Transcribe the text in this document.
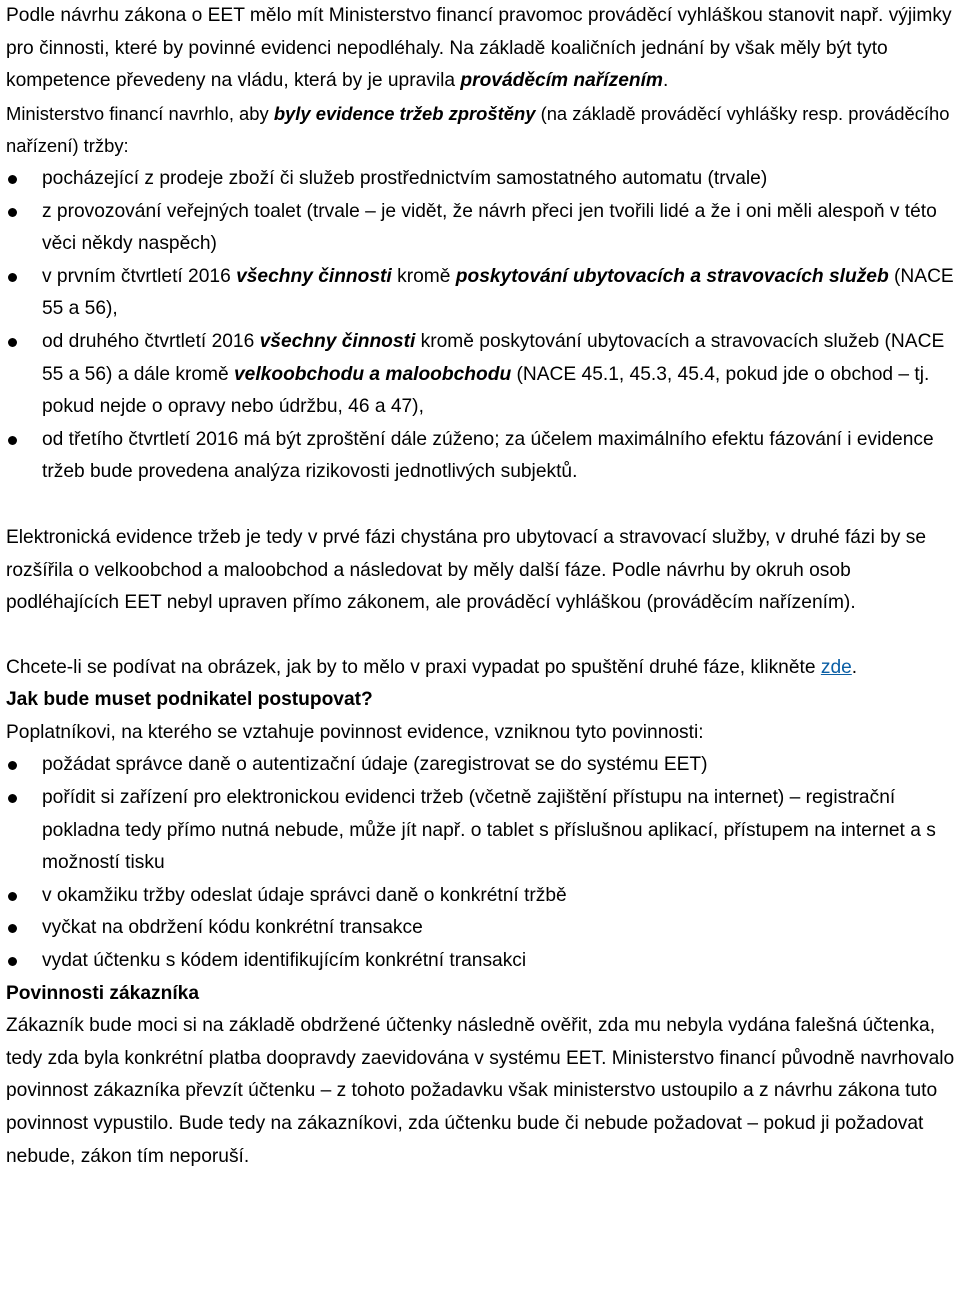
Podle návrhu zákona o EET mělo mít Ministerstvo financí pravomoc prováděcí vyhláškou stanovit např. výjimky pro činnosti, které by povinné evidenci nepodléhaly. Na základě koaličních jednání by však měly být tyto kompetence převedeny na vládu, která by je upravila prováděcím nařízením.

Ministerstvo financí navrhlo, aby byly evidence tržeb zproštěny (na základě prováděcí vyhlášky resp. prováděcího nařízení) tržby:

pocházející z prodeje zboží či služeb prostřednictvím samostatného automatu (trvale)
z provozování veřejných toalet (trvale – je vidět, že návrh přeci jen tvořili lidé a že i oni měli alespoň v této věci někdy naspěch)
v prvním čtvrtletí 2016 všechny činnosti kromě poskytování ubytovacích a stravovacích služeb (NACE 55 a 56),
od druhého čtvrtletí 2016 všechny činnosti kromě poskytování ubytovacích a stravovacích služeb (NACE 55 a 56) a dále kromě velkoobchodu a maloobchodu (NACE 45.1, 45.3, 45.4, pokud jde o obchod – tj. pokud nejde o opravy nebo údržbu, 46 a 47),
od třetího čtvrtletí 2016 má být zproštění dále zúženo; za účelem maximálního efektu fázování i evidence tržeb bude provedena analýza rizikovosti jednotlivých subjektů.

Elektronická evidence tržeb je tedy v prvé fázi chystána pro ubytovací a stravovací služby, v druhé fázi by se rozšířila o velkoobchod a maloobchod a následovat by měly další fáze. Podle návrhu by okruh osob podléhajících EET nebyl upraven přímo zákonem, ale prováděcí vyhláškou (prováděcím nařízením).

Chcete-li se podívat na obrázek, jak by to mělo v praxi vypadat po spuštění druhé fáze, klikněte zde.

Jak bude muset podnikatel postupovat?

Poplatníkovi, na kterého se vztahuje povinnost evidence, vzniknou tyto povinnosti:

požádat správce daně o autentizační údaje (zaregistrovat se do systému EET)
pořídit si zařízení pro elektronickou evidenci tržeb (včetně zajištění přístupu na internet) – registrační pokladna tedy přímo nutná nebude, může jít např. o tablet s příslušnou aplikací, přístupem na internet a s možností tisku
v okamžiku tržby odeslat údaje správci daně o konkrétní tržbě
vyčkat na obdržení kódu konkrétní transakce
vydat účtenku s kódem identifikujícím konkrétní transakci

Povinnosti zákazníka

Zákazník bude moci si na základě obdržené účtenky následně ověřit, zda mu nebyla vydána falešná účtenka, tedy zda byla konkrétní platba doopravdy zaevidována v systému EET. Ministerstvo financí původně navrhovalo povinnost zákazníka převzít účtenku – z tohoto požadavku však ministerstvo ustoupilo a z návrhu zákona tuto povinnost vypustilo. Bude tedy na zákazníkovi, zda účtenku bude či nebude požadovat – pokud ji požadovat nebude, zákon tím neporuší.
